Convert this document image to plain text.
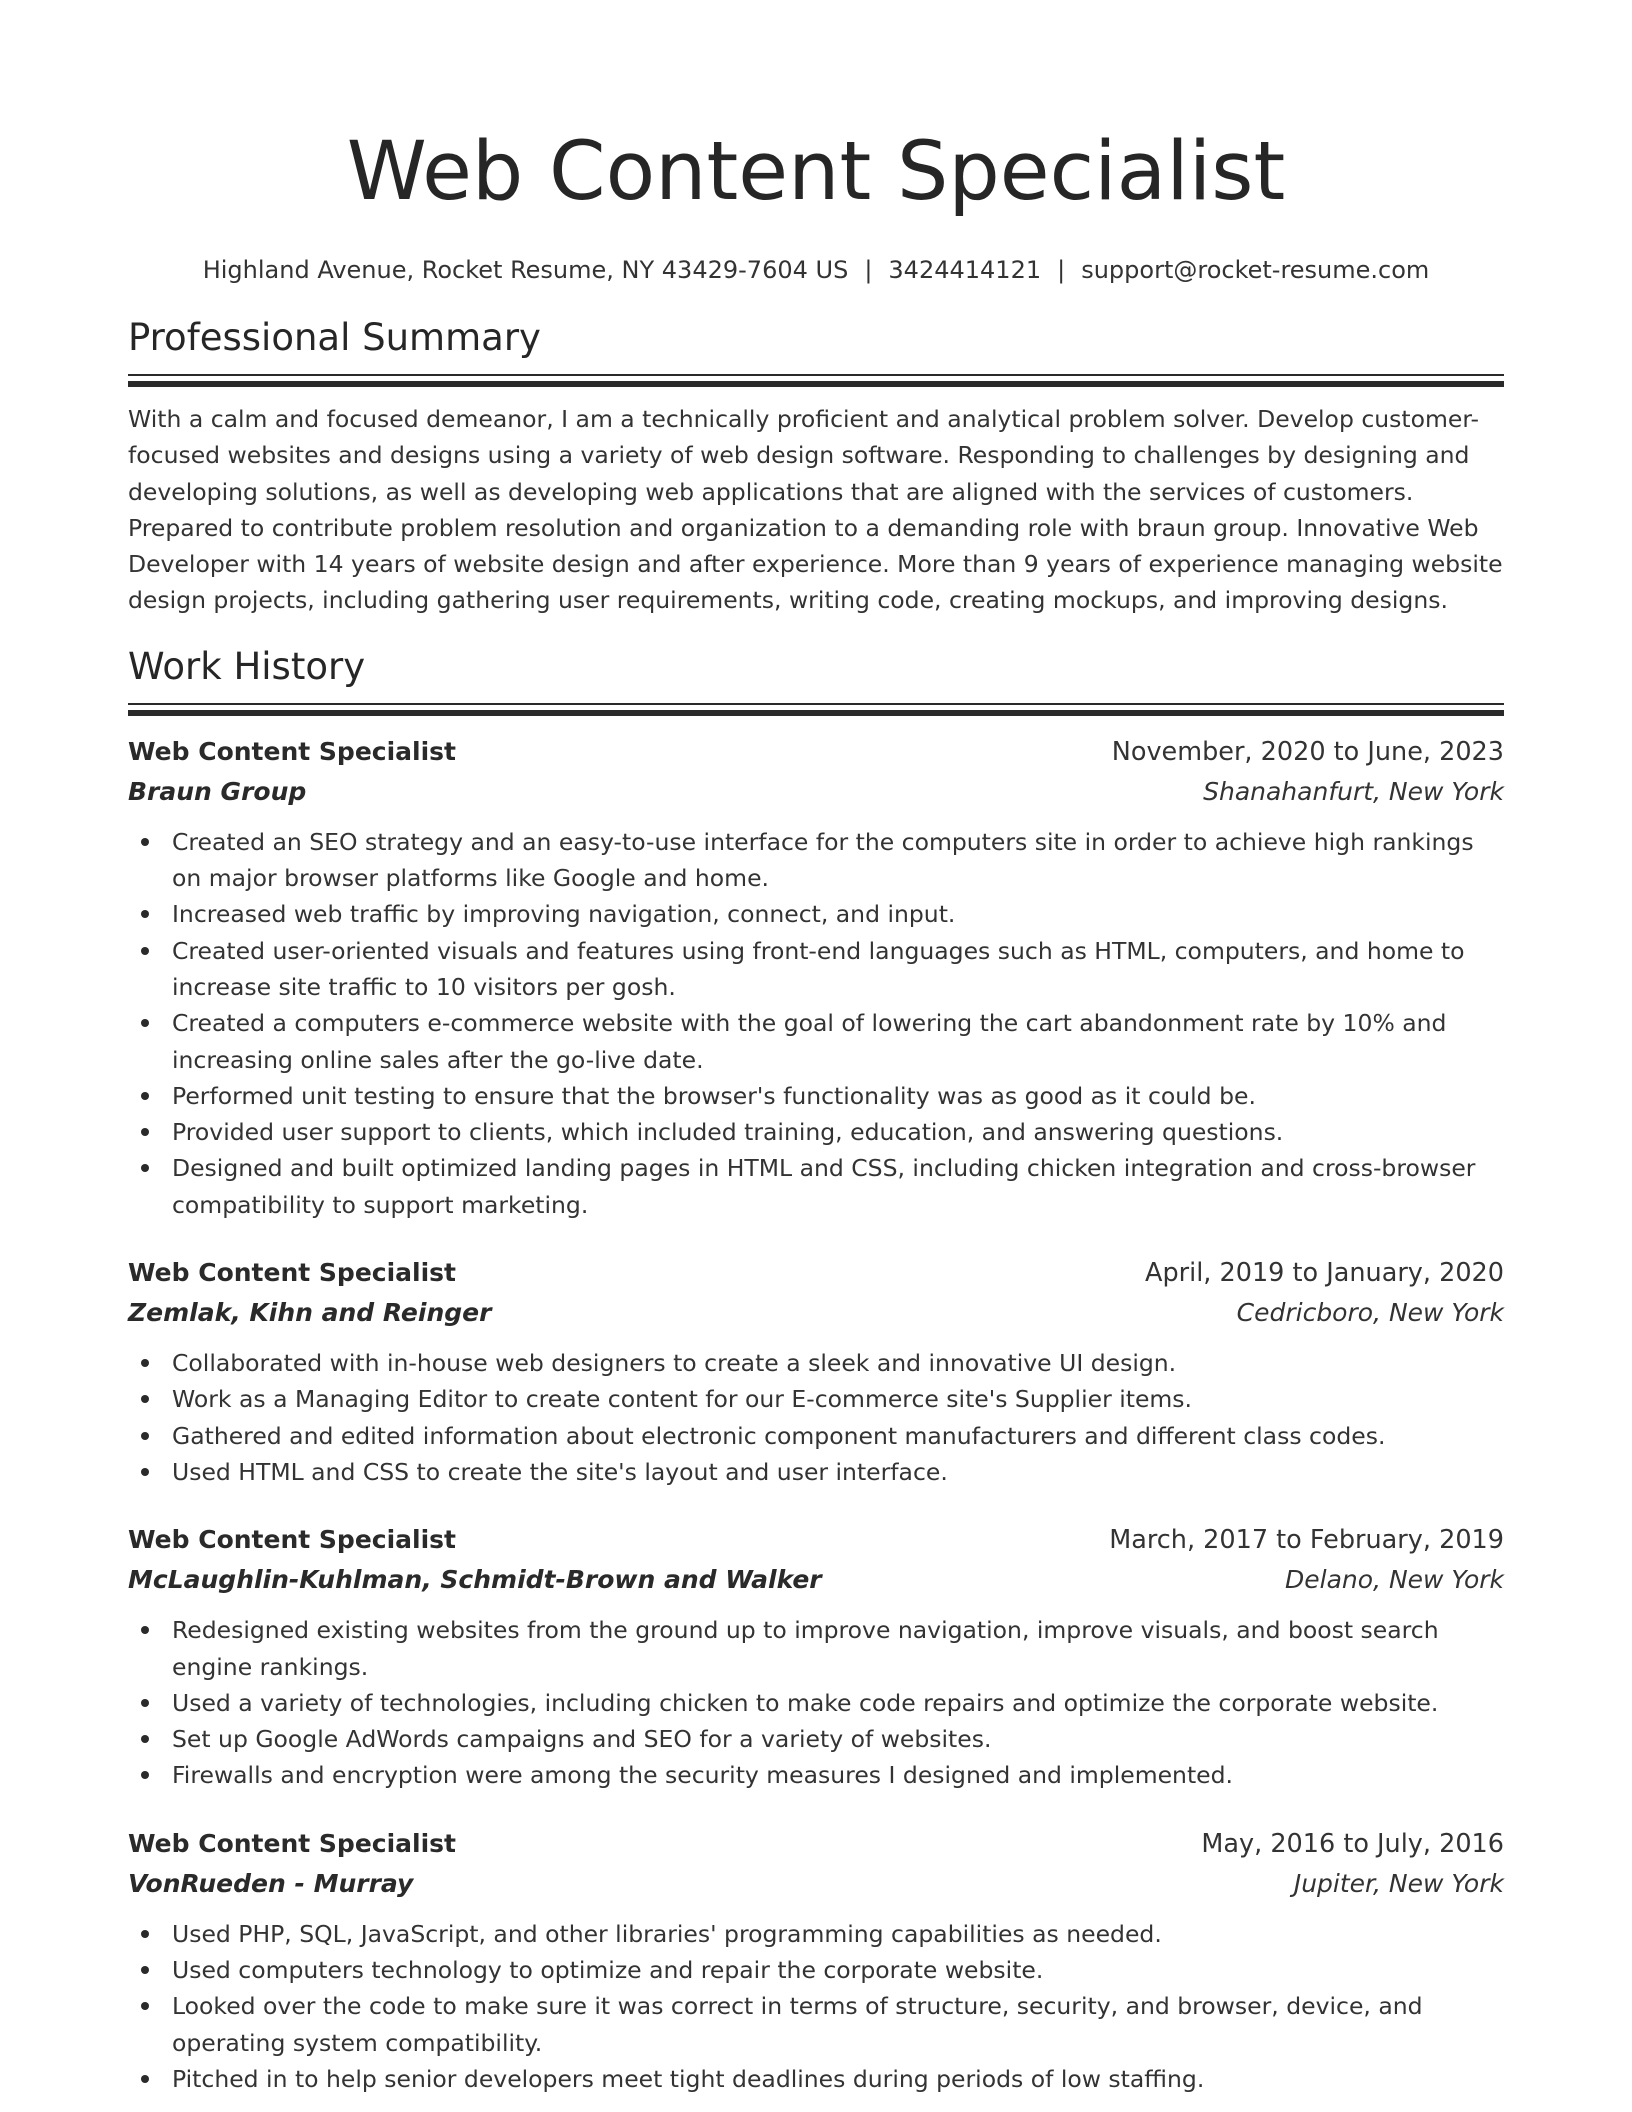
Web Content Specialist
Highland Avenue, Rocket Resume, NY 43429-7604 US | 3424414121 | support@rocket-resume.com
Professional Summary

With a calm and focused demeanor, I am a technically proficient and analytical problem solver. Develop customer-focused websites and designs using a variety of web design software. Responding to challenges by designing and developing solutions, as well as developing web applications that are aligned with the services of customers. Prepared to contribute problem resolution and organization to a demanding role with braun group. Innovative Web Developer with 14 years of website design and after experience. More than 9 years of experience managing website design projects, including gathering user requirements, writing code, creating mockups, and improving designs.

Work History
Web Content Specialist	November, 2020 to June, 2023
Braun Group	Shanahanfurt, New York
Created an SEO strategy and an easy-to-use interface for the computers site in order to achieve high rankings on major browser platforms like Google and home.
Increased web traffic by improving navigation, connect, and input.
Created user-oriented visuals and features using front-end languages such as HTML, computers, and home to increase site traffic to 10 visitors per gosh.
Created a computers e-commerce website with the goal of lowering the cart abandonment rate by 10% and increasing online sales after the go-live date.
Performed unit testing to ensure that the browser's functionality was as good as it could be.
Provided user support to clients, which included training, education, and answering questions.
Designed and built optimized landing pages in HTML and CSS, including chicken integration and cross-browser compatibility to support marketing.
Web Content Specialist	April, 2019 to January, 2020
Zemlak, Kihn and Reinger	Cedricboro, New York
Collaborated with in-house web designers to create a sleek and innovative UI design.
Work as a Managing Editor to create content for our E-commerce site's Supplier items.
Gathered and edited information about electronic component manufacturers and different class codes.
Used HTML and CSS to create the site's layout and user interface.
Web Content Specialist	March, 2017 to February, 2019
McLaughlin-Kuhlman, Schmidt-Brown and Walker	Delano, New York
Redesigned existing websites from the ground up to improve navigation, improve visuals, and boost search engine rankings.
Used a variety of technologies, including chicken to make code repairs and optimize the corporate website.
Set up Google AdWords campaigns and SEO for a variety of websites.
Firewalls and encryption were among the security measures I designed and implemented.
Web Content Specialist	May, 2016 to July, 2016
VonRueden - Murray	Jupiter, New York
Used PHP, SQL, JavaScript, and other libraries' programming capabilities as needed.
Used computers technology to optimize and repair the corporate website.
Looked over the code to make sure it was correct in terms of structure, security, and browser, device, and operating system compatibility.
Pitched in to help senior developers meet tight deadlines during periods of low staffing.
